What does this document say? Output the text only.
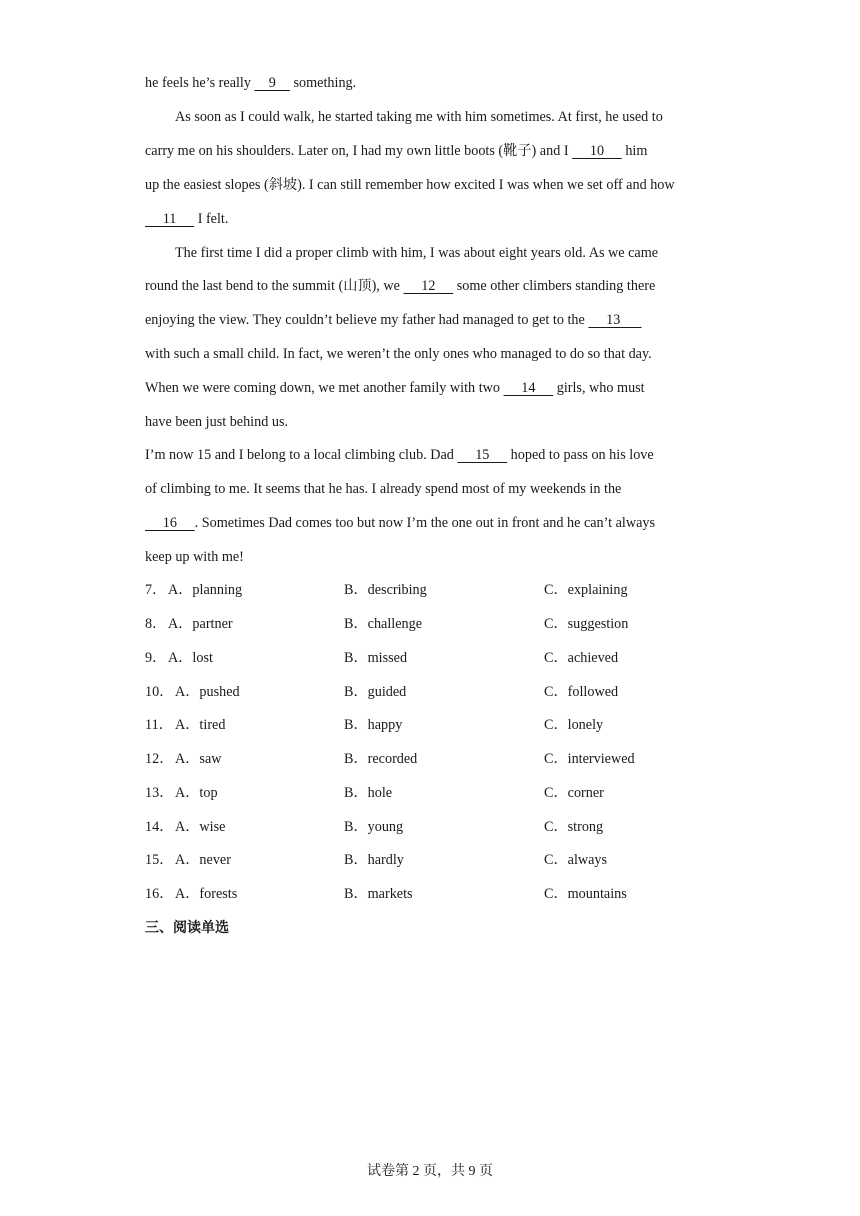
he feels he’s really     9     something.
As soon as I could walk, he started taking me with him sometimes. At first, he used to
carry me on his shoulders. Later on, I had my own little boots (靴子) and I      10      him
up the easiest slopes (斜坡). I can still remember how excited I was when we set off and how
11      I felt.
The first time I did a proper climb with him, I was about eight years old. As we came
round the last bend to the summit (山顶), we      12      some other climbers standing there
enjoying the view. They couldn’t believe my father had managed to get to the      13
with such a small child. In fact, we weren’t the only ones who managed to do so that day.
When we were coming down, we met another family with two      14      girls, who must
have been just behind us.
I’m now 15 and I belong to a local climbing club. Dad      15      hoped to pass on his love
of climbing to me. It seems that he has. I already spend most of my weekends in the
16     . Sometimes Dad comes too but now I’m the one out in front and he can’t always
keep up with me!
7． A．planning	B．describing	C．explaining
8． A．partner	B．challenge	C．suggestion
9． A．lost	B．missed	C．achieved
10． A．pushed	B．guided	C．followed
11． A．tired	B．happy	C．lonely
12． A．saw	B．recorded	C．interviewed
13． A．top	B．hole	C．corner
14． A．wise	B．young	C．strong
15． A．never	B．hardly	C．always
16． A．forests	B．markets	C．mountains
三、阅读单选
试卷第 2 页，共 9 页
